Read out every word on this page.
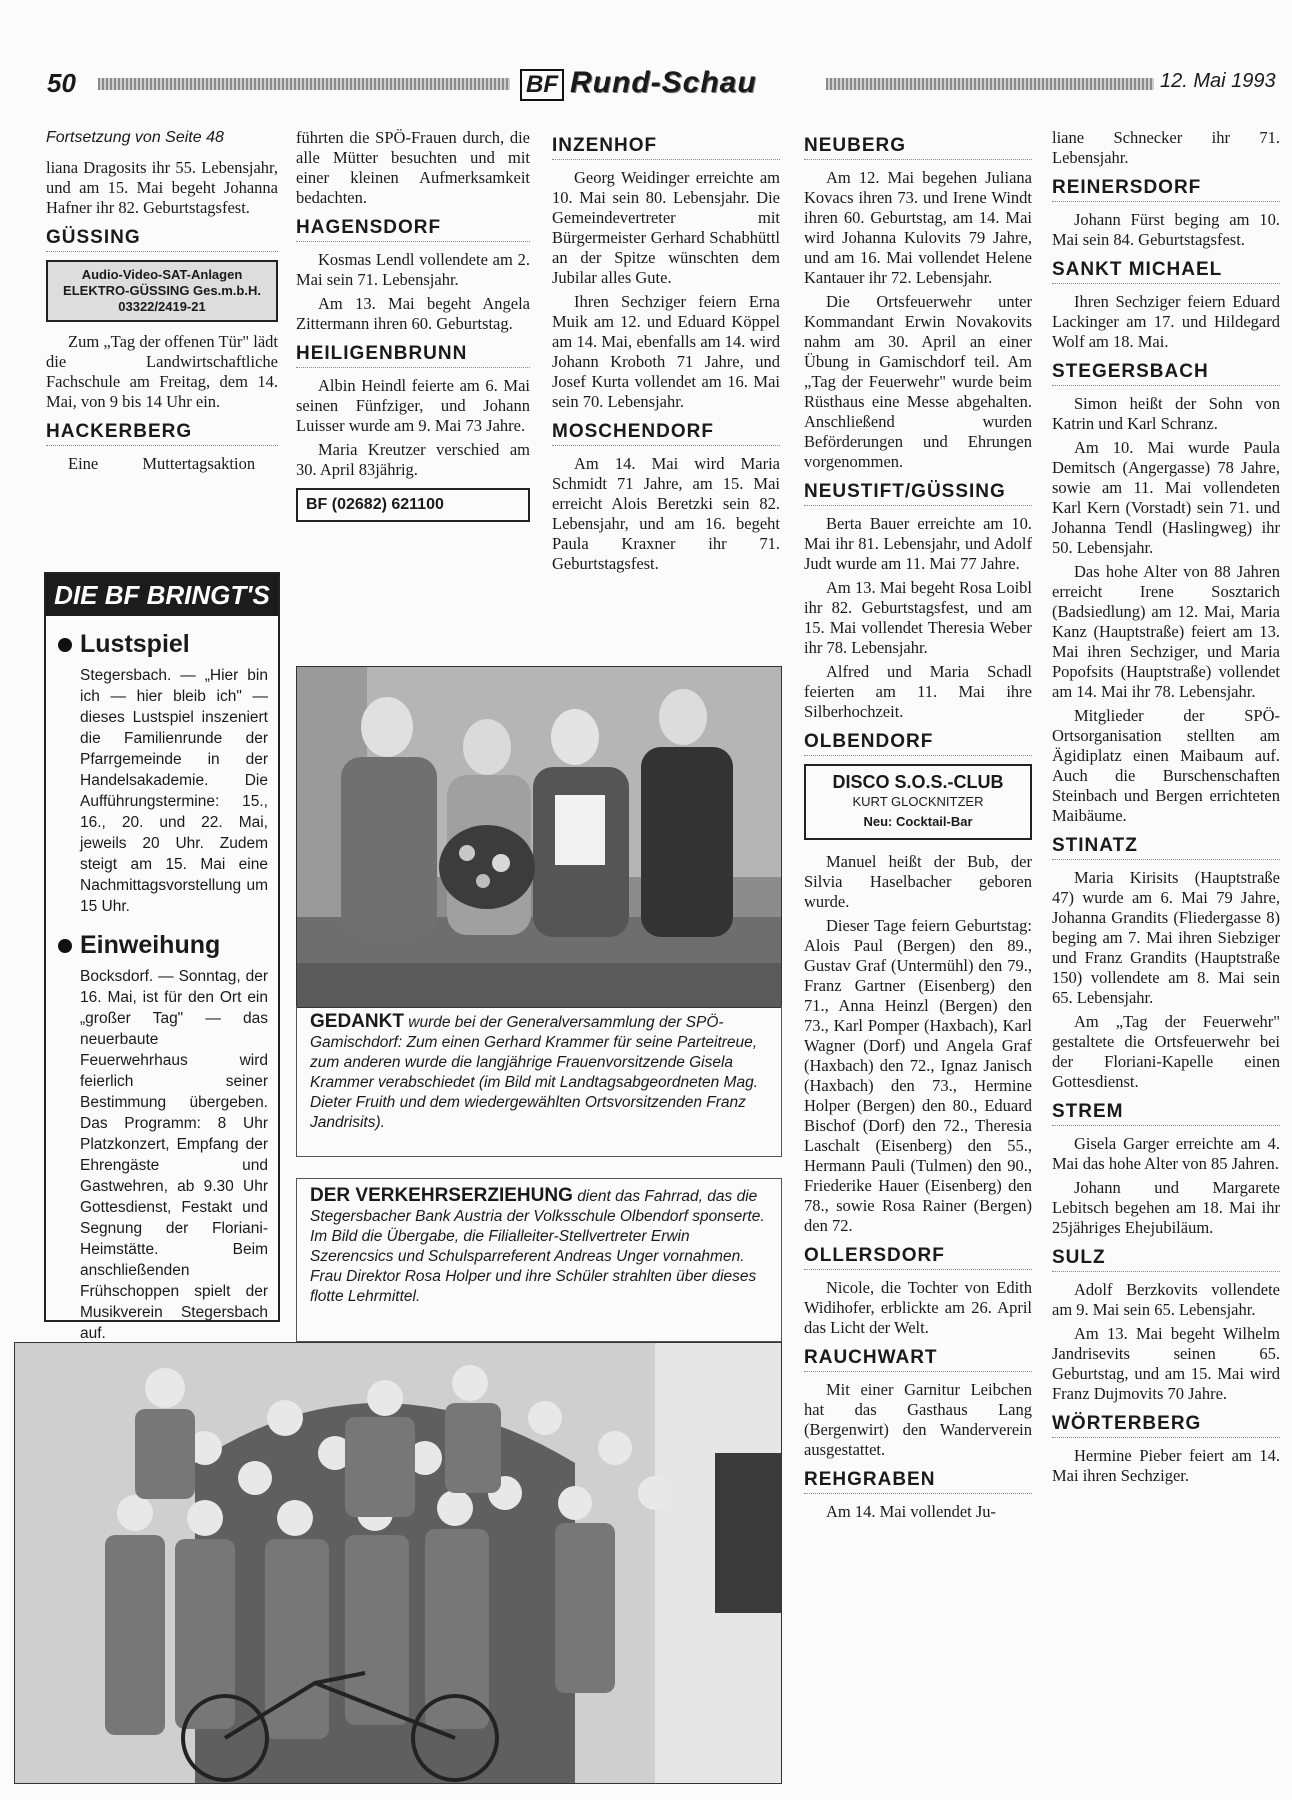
50	BF Rund-Schau	12. Mai 1993

Fortsetzung von Seite 48

liana Dragosits ihr 55. Lebensjahr, und am 15. Mai begeht Johanna Hafner ihr 82. Geburtstagsfest.

GÜSSING
Audio-Video-SAT-Anlagen
ELEKTRO-GÜSSING Ges.m.b.H.
03322/2419-21

Zum „Tag der offenen Tür" lädt die Landwirtschaftliche Fachschule am Freitag, dem 14. Mai, von 9 bis 14 Uhr ein.

HACKERBERG

Eine Muttertagsaktion

DIE BF BRINGT'S
Lustspiel
Stegersbach. — „Hier bin ich — hier bleib ich" — dieses Lustspiel inszeniert die Familienrunde der Pfarrgemeinde in der Handelsakademie. Die Aufführungstermine: 15., 16., 20. und 22. Mai, jeweils 20 Uhr. Zudem steigt am 15. Mai eine Nachmittagsvorstellung um 15 Uhr.
Einweihung
Bocksdorf. — Sonntag, der 16. Mai, ist für den Ort ein „großer Tag" — das neuerbaute Feuerwehrhaus wird feierlich seiner Bestimmung übergeben. Das Programm: 8 Uhr Platzkonzert, Empfang der Ehrengäste und Gastwehren, ab 9.30 Uhr Gottesdienst, Festakt und Segnung der Floriani-Heimstätte. Beim anschließenden Frühschoppen spielt der Musikverein Stegersbach auf.

führten die SPÖ-Frauen durch, die alle Mütter besuchten und mit einer kleinen Aufmerksamkeit bedachten.

HAGENSDORF

Kosmas Lendl vollendete am 2. Mai sein 71. Lebensjahr.

Am 13. Mai begeht Angela Zittermann ihren 60. Geburtstag.

HEILIGENBRUNN

Albin Heindl feierte am 6. Mai seinen Fünfziger, und Johann Luisser wurde am 9. Mai 73 Jahre.

Maria Kreutzer verschied am 30. April 83jährig.

BF (02682) 621100
INZENHOF

Georg Weidinger erreichte am 10. Mai sein 80. Lebensjahr. Die Gemeindevertreter mit Bürgermeister Gerhard Schabhüttl an der Spitze wünschten dem Jubilar alles Gute.

Ihren Sechziger feiern Erna Muik am 12. und Eduard Köppel am 14. Mai, ebenfalls am 14. wird Johann Kroboth 71 Jahre, und Josef Kurta vollendet am 16. Mai sein 70. Lebensjahr.

MOSCHENDORF

Am 14. Mai wird Maria Schmidt 71 Jahre, am 15. Mai erreicht Alois Beretzki sein 82. Lebensjahr, und am 16. begeht Paula Kraxner ihr 71. Geburtstagsfest.

GEDANKT wurde bei der Generalversammlung der SPÖ-Gamischdorf: Zum einen Gerhard Krammer für seine Parteitreue, zum anderen wurde die langjährige Frauenvorsitzende Gisela Krammer verabschiedet (im Bild mit Landtagsabgeordneten Mag. Dieter Fruith und dem wiedergewählten Ortsvorsitzenden Franz Jandrisits).
DER VERKEHRSERZIEHUNG dient das Fahrrad, das die Stegersbacher Bank Austria der Volksschule Olbendorf sponserte. Im Bild die Übergabe, die Filialleiter-Stellvertreter Erwin Szerencsics und Schulsparreferent Andreas Unger vornahmen. Frau Direktor Rosa Holper und ihre Schüler strahlten über dieses flotte Lehrmittel.
NEUBERG

Am 12. Mai begehen Juliana Kovacs ihren 73. und Irene Windt ihren 60. Geburtstag, am 14. Mai wird Johanna Kulovits 79 Jahre, und am 16. Mai vollendet Helene Kantauer ihr 72. Lebensjahr.

Die Ortsfeuerwehr unter Kommandant Erwin Novakovits nahm am 30. April an einer Übung in Gamischdorf teil. Am „Tag der Feuerwehr" wurde beim Rüsthaus eine Messe abgehalten. Anschließend wurden Beförderungen und Ehrungen vorgenommen.

NEUSTIFT/GÜSSING

Berta Bauer erreichte am 10. Mai ihr 81. Lebensjahr, und Adolf Judt wurde am 11. Mai 77 Jahre.

Am 13. Mai begeht Rosa Loibl ihr 82. Geburtstagsfest, und am 15. Mai vollendet Theresia Weber ihr 78. Lebensjahr.

Alfred und Maria Schadl feierten am 11. Mai ihre Silberhochzeit.

OLBENDORF
DISCO S.O.S.-CLUB
KURT GLOCKNITZER
Neu: Cocktail-Bar

Manuel heißt der Bub, der Silvia Haselbacher geboren wurde.

Dieser Tage feiern Geburtstag: Alois Paul (Bergen) den 89., Gustav Graf (Untermühl) den 79., Franz Gartner (Eisenberg) den 71., Anna Heinzl (Bergen) den 73., Karl Pomper (Haxbach), Karl Wagner (Dorf) und Angela Graf (Haxbach) den 72., Ignaz Janisch (Haxbach) den 73., Hermine Holper (Bergen) den 80., Eduard Bischof (Dorf) den 72., Theresia Laschalt (Eisenberg) den 55., Hermann Pauli (Tulmen) den 90., Friederike Hauer (Eisenberg) den 78., sowie Rosa Rainer (Bergen) den 72.

OLLERSDORF

Nicole, die Tochter von Edith Widihofer, erblickte am 26. April das Licht der Welt.

RAUCHWART

Mit einer Garnitur Leibchen hat das Gasthaus Lang (Bergenwirt) den Wanderverein ausgestattet.

REHGRABEN

Am 14. Mai vollendet Ju-

liane Schnecker ihr 71. Lebensjahr.

REINERSDORF

Johann Fürst beging am 10. Mai sein 84. Geburtstagsfest.

SANKT MICHAEL

Ihren Sechziger feiern Eduard Lackinger am 17. und Hildegard Wolf am 18. Mai.

STEGERSBACH

Simon heißt der Sohn von Katrin und Karl Schranz.

Am 10. Mai wurde Paula Demitsch (Angergasse) 78 Jahre, sowie am 11. Mai vollendeten Karl Kern (Vorstadt) sein 71. und Johanna Tendl (Haslingweg) ihr 50. Lebensjahr.

Das hohe Alter von 88 Jahren erreicht Irene Sosztarich (Badsiedlung) am 12. Mai, Maria Kanz (Hauptstraße) feiert am 13. Mai ihren Sechziger, und Maria Popofsits (Hauptstraße) vollendet am 14. Mai ihr 78. Lebensjahr.

Mitglieder der SPÖ-Ortsorganisation stellten am Ägidiplatz einen Maibaum auf. Auch die Burschenschaften Steinbach und Bergen errichteten Maibäume.

STINATZ

Maria Kirisits (Hauptstraße 47) wurde am 6. Mai 79 Jahre, Johanna Grandits (Fliedergasse 8) beging am 7. Mai ihren Siebziger und Franz Grandits (Hauptstraße 150) vollendete am 8. Mai sein 65. Lebensjahr.

Am „Tag der Feuerwehr" gestaltete die Ortsfeuerwehr bei der Floriani-Kapelle einen Gottesdienst.

STREM

Gisela Garger erreichte am 4. Mai das hohe Alter von 85 Jahren.

Johann und Margarete Lebitsch begehen am 18. Mai ihr 25jähriges Ehejubiläum.

SULZ

Adolf Berzkovits vollendete am 9. Mai sein 65. Lebensjahr.

Am 13. Mai begeht Wilhelm Jandrisevits seinen 65. Geburtstag, und am 15. Mai wird Franz Dujmovits 70 Jahre.

WÖRTERBERG

Hermine Pieber feiert am 14. Mai ihren Sechziger.
